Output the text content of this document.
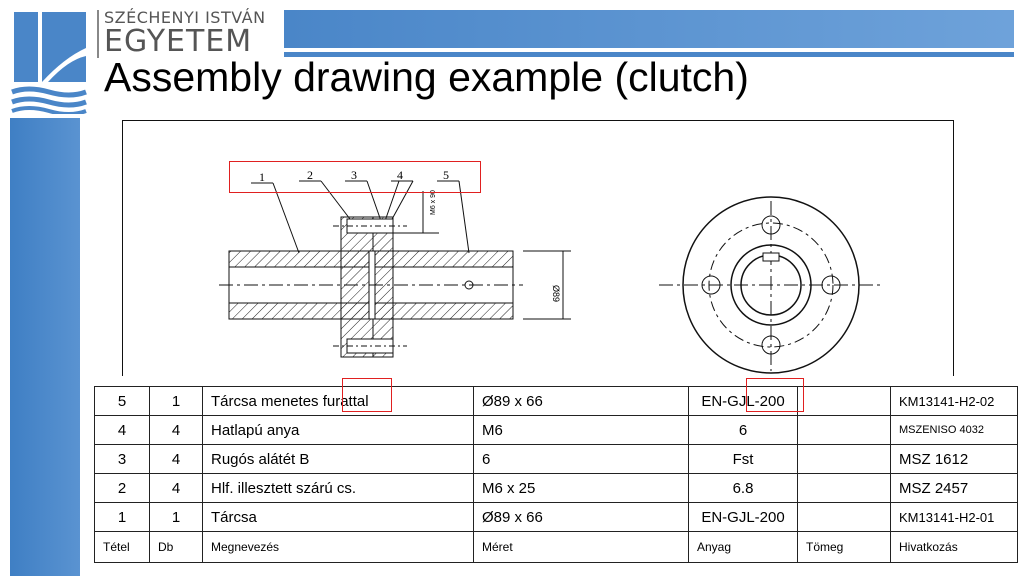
SZÉCHENYI ISTVÁN
EGYETEM
Assembly drawing example (clutch)
1	2	3	4	5
Ø89
M6 x 90
5	1	Tárcsa menetes furattal	Ø89 x 66	EN-GJL-200		KM13141-H2-02
4	4	Hatlapú anya	M6	6		MSZENISO 4032
3	4	Rugós alátét B	6	Fst		MSZ 1612
2	4	Hlf. illesztett szárú cs.	M6 x 25	6.8		MSZ 2457
1	1	Tárcsa	Ø89 x 66	EN-GJL-200		KM13141-H2-01
Tétel	Db	Megnevezés	Méret	Anyag	Tömeg	Hivatkozás
